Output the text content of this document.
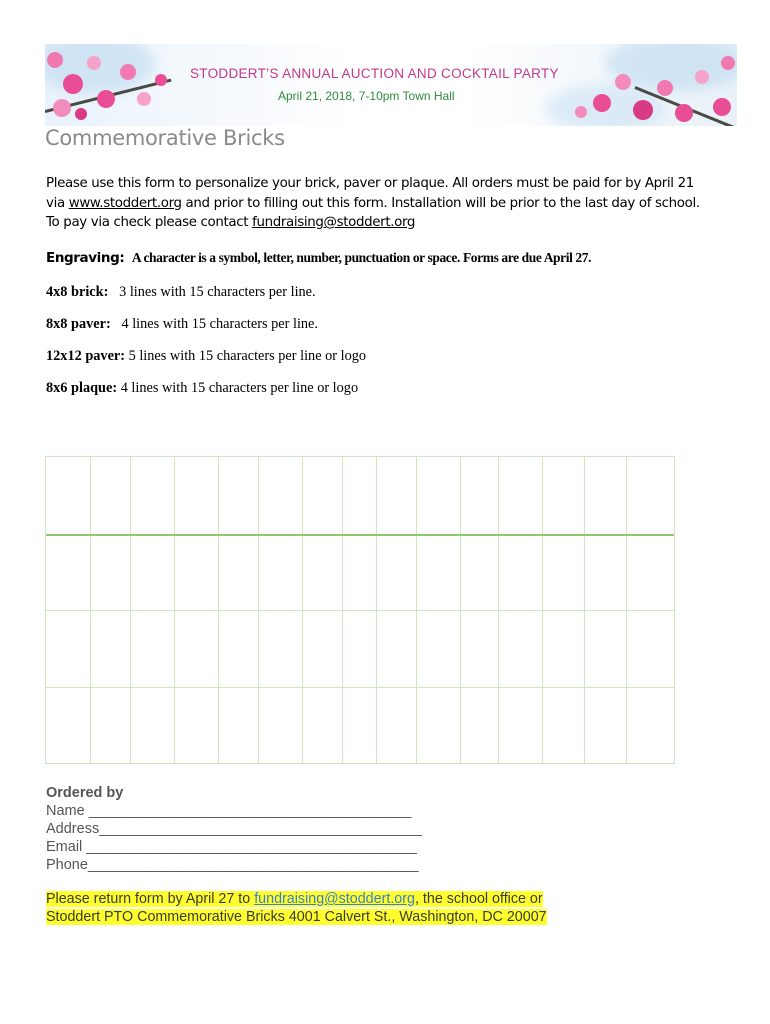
STODDERT’S ANNUAL AUCTION AND COCKTAIL PARTY
April 21, 2018, 7-10pm Town Hall
Commemorative Bricks
Please use this form to personalize your brick, paver or plaque. All orders must be paid for by April 21
via www.stoddert.org and prior to filling out this form. Installation will be prior to the last day of school.
To pay via check please contact fundraising@stoddert.org
Engraving: A character is a symbol, letter, number, punctuation or space. Forms are due April 27.
4x8 brick: 3 lines with 15 characters per line.
8x8 paver: 4 lines with 15 characters per line.
12x12 paver: 5 lines with 15 characters per line or logo
8x6 plaque: 4 lines with 15 characters per line or logo
Ordered by
Name ________________________________________
Address________________________________________
Email _________________________________________
Phone_________________________________________
Please return form by April 27 to fundraising@stoddert.org, the school office or
Stoddert PTO Commemorative Bricks 4001 Calvert St., Washington, DC 20007
